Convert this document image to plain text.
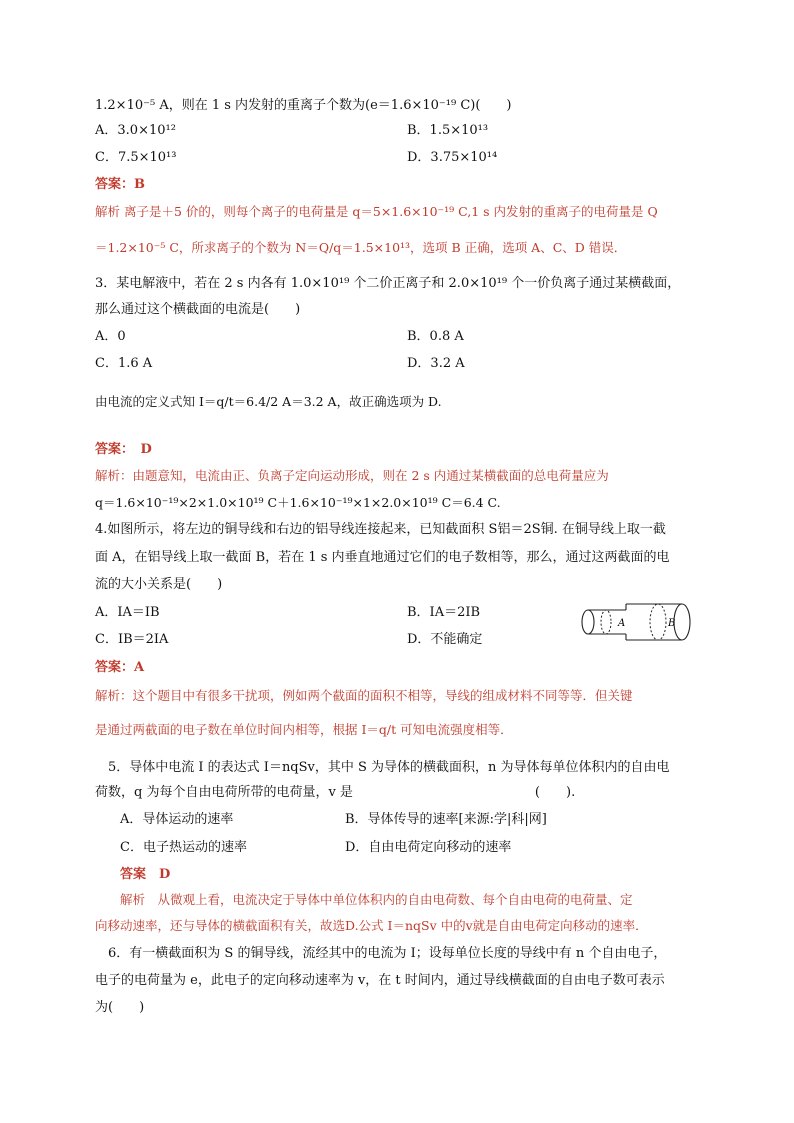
1.2×10⁻⁵ A，则在 1 s 内发射的重离子个数为(e＝1.6×10⁻¹⁹ C)(　　)
A．3.0×10¹²	B．1.5×10¹³
C．7.5×10¹³	D．3.75×10¹⁴
答案：B
解析 离子是＋5 价的，则每个离子的电荷量是 q＝5×1.6×10⁻¹⁹ C,1 s 内发射的重离子的电荷量是 Q
＝1.2×10⁻⁵ C，所求离子的个数为 N＝Q/q＝1.5×10¹³，选项 B 正确，选项 A、C、D 错误．
3．某电解液中，若在 2 s 内各有 1.0×10¹⁹ 个二价正离子和 2.0×10¹⁹ 个一价负离子通过某横截面，
那么通过这个横截面的电流是(　　)
A．0	B．0.8 A
C．1.6 A	D．3.2 A
由电流的定义式知 I＝q/t＝6.4/2 A＝3.2 A，故正确选项为 D.
答案：　D
解析：由题意知，电流由正、负离子定向运动形成，则在 2 s 内通过某横截面的总电荷量应为
q＝1.6×10⁻¹⁹×2×1.0×10¹⁹ C＋1.6×10⁻¹⁹×1×2.0×10¹⁹ C＝6.4 C.
4.如图所示，将左边的铜导线和右边的铝导线连接起来，已知截面积 S铝＝2S铜. 在铜导线上取一截
面 A，在铝导线上取一截面 B，若在 1 s 内垂直地通过它们的电子数相等，那么，通过这两截面的电
流的大小关系是(　　)
A．IA＝IB	B．IA＝2IB
C．IB＝2IA	D．不能确定
A	B
答案：A
解析：这个题目中有很多干扰项，例如两个截面的面积不相等，导线的组成材料不同等等．但关键
是通过两截面的电子数在单位时间内相等，根据 I＝q/t 可知电流强度相等．
5．导体中电流 I 的表达式 I＝nqSv，其中 S 为导体的横截面积，n 为导体每单位体积内的自由电
荷数，q 为每个自由电荷所带的电荷量，v 是　　　　　　　　　　　　　　(　　).
A．导体运动的速率	B．导体传导的速率[来源:学|科|网]
C．电子热运动的速率	D．自由电荷定向移动的速率
答案　D
解析　从微观上看，电流决定于导体中单位体积内的自由电荷数、每个自由电荷的电荷量、定
向移动速率，还与导体的横截面积有关，故选D.公式 I＝nqSv 中的v就是自由电荷定向移动的速率．
6．有一横截面积为 S 的铜导线，流经其中的电流为 I；设每单位长度的导线中有 n 个自由电子，
电子的电荷量为 e，此电子的定向移动速率为 v，在 t 时间内，通过导线横截面的自由电子数可表示
为(　　)
